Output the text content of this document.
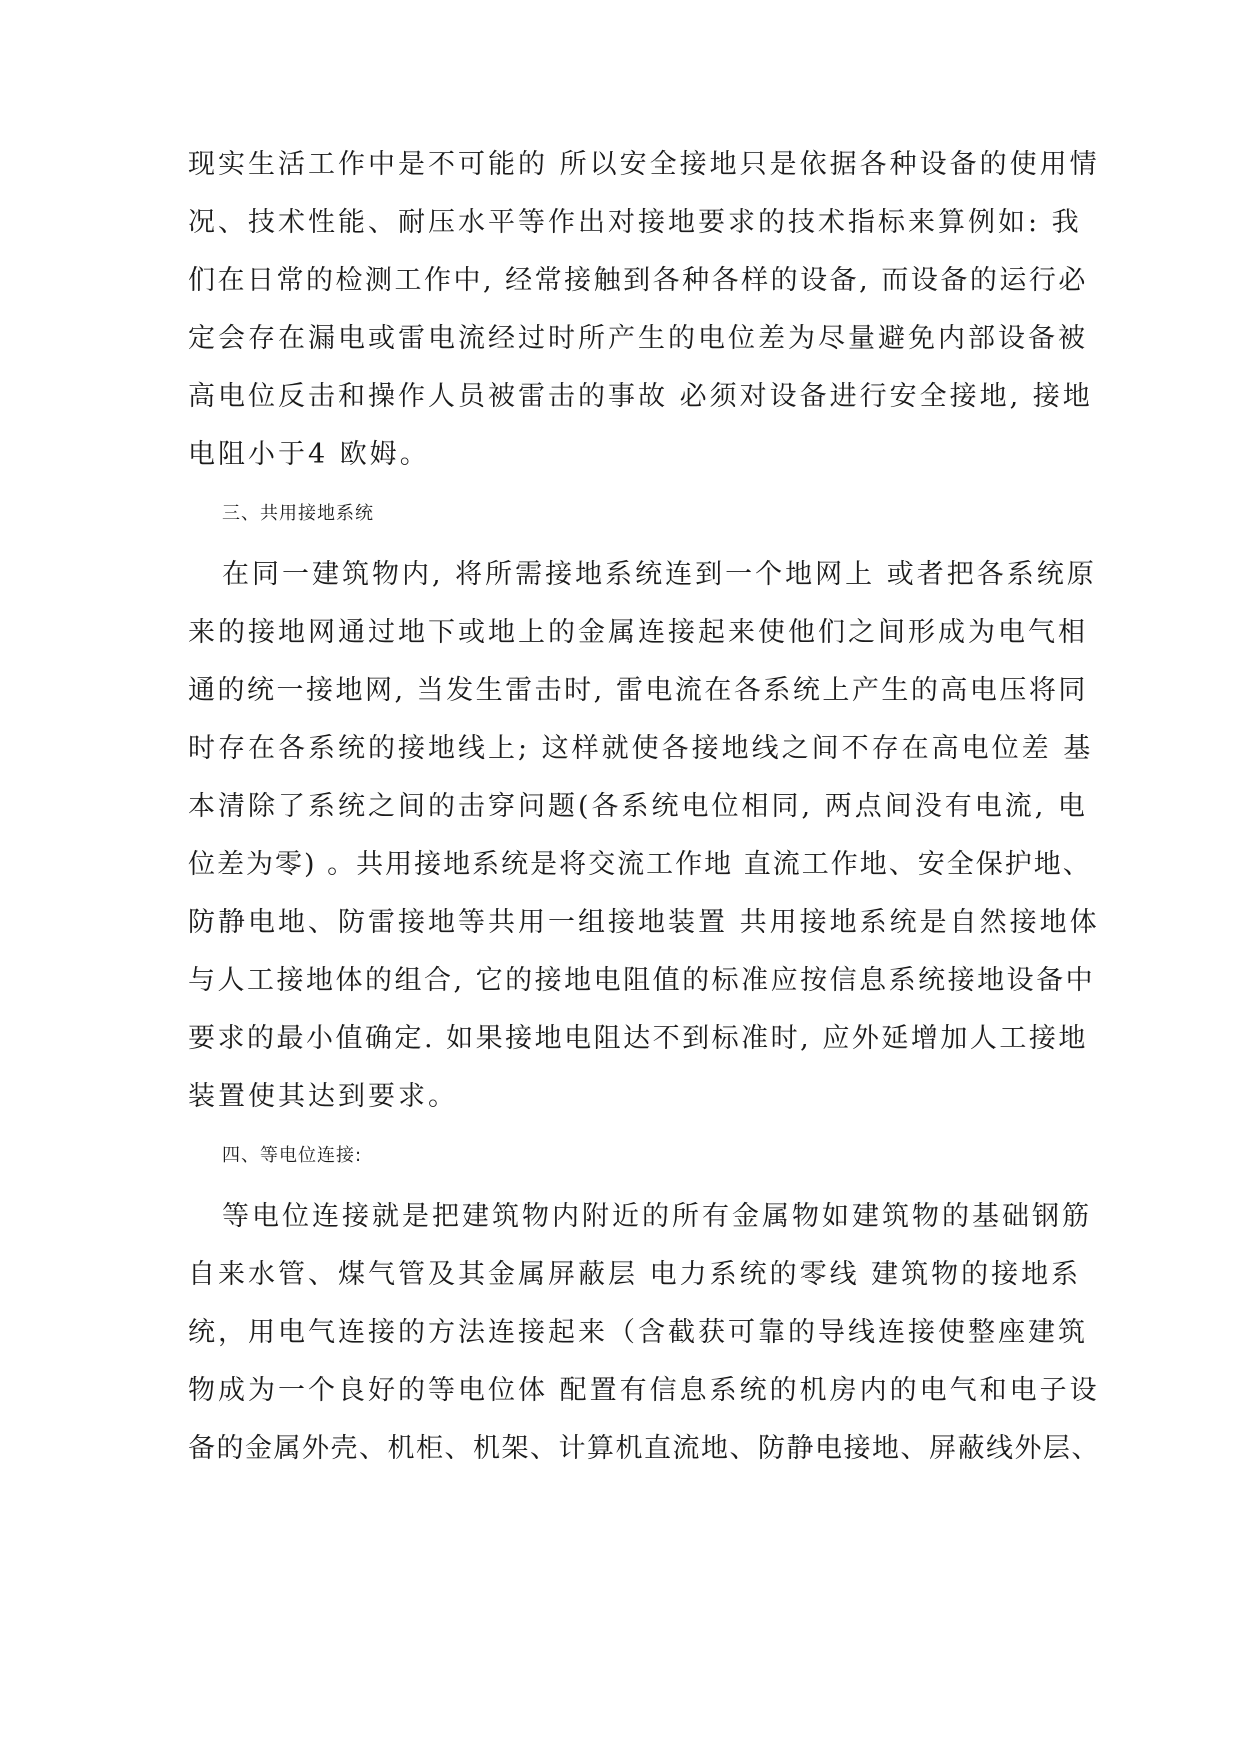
现实生活工作中是不可能的 所以安全接地只是依据各种设备的使用情
况、技术性能、耐压水平等作出对接地要求的技术指标来算例如: 我
们在日常的检测工作中, 经常接触到各种各样的设备, 而设备的运行必
定会存在漏电或雷电流经过时所产生的电位差为尽量避免内部设备被
高电位反击和操作人员被雷击的事故 必须对设备进行安全接地, 接地
电阻小于4 欧姆。
三、共用接地系统
在同一建筑物内, 将所需接地系统连到一个地网上 或者把各系统原
来的接地网通过地下或地上的金属连接起来使他们之间形成为电气相
通的统一接地网, 当发生雷击时, 雷电流在各系统上产生的高电压将同
时存在各系统的接地线上; 这样就使各接地线之间不存在高电位差 基
本清除了系统之间的击穿问题(各系统电位相同, 两点间没有电流, 电
位差为零) 。共用接地系统是将交流工作地 直流工作地、安全保护地、
防静电地、防雷接地等共用一组接地装置 共用接地系统是自然接地体
与人工接地体的组合, 它的接地电阻值的标准应按信息系统接地设备中
要求的最小值确定. 如果接地电阻达不到标准时, 应外延增加人工接地
装置使其达到要求。
四、等电位连接:
等电位连接就是把建筑物内附近的所有金属物如建筑物的基础钢筋
自来水管、煤气管及其金属屏蔽层 电力系统的零线 建筑物的接地系
统，用电气连接的方法连接起来（含截获可靠的导线连接使整座建筑
物成为一个良好的等电位体 配置有信息系统的机房内的电气和电子设
备的金属外壳、机柜、机架、计算机直流地、防静电接地、屏蔽线外层、
